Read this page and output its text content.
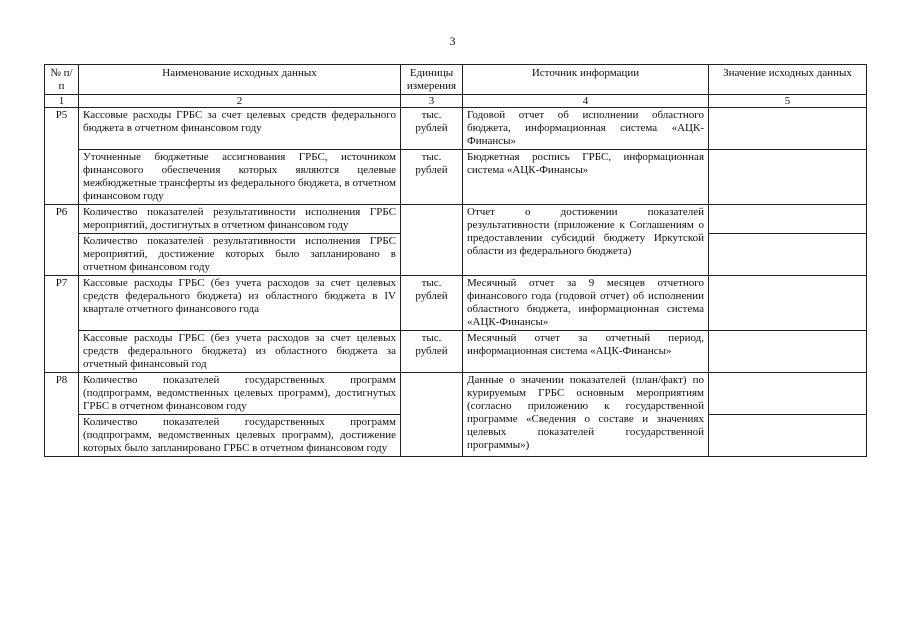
3
№ п/п	Наименование исходных данных	Единицы измерения	Источник информации	Значение исходных данных
1	2	3	4	5
Р5	Кассовые расходы ГРБС за счет целевых средств федерального бюджета в отчетном финансовом году	тыс. рублей	Годовой отчет об исполнении областного бюджета, информационная система «АЦК-Финансы»	
	Уточненные бюджетные ассигнования ГРБС, источником финансового обеспечения которых являются целевые межбюджетные трансферты из федерального бюджета, в отчетном финансовом году	тыс. рублей	Бюджетная роспись ГРБС, информационная система «АЦК-Финансы»	
Р6	Количество показателей результативности исполнения ГРБС мероприятий, достигнутых в отчетном финансовом году		Отчет о достижении показателей результативности (приложение к Соглашениям о предоставлении субсидий бюджету Иркутской области из федерального бюджета)	
	Количество показателей результативности исполнения ГРБС мероприятий, достижение которых было запланировано в отчетном финансовом году			
Р7	Кассовые расходы ГРБС (без учета расходов за счет целевых средств федерального бюджета) из областного бюджета в IV квартале отчетного финансового года	тыс. рублей	Месячный отчет за 9 месяцев отчетного финансового года (годовой отчет) об исполнении областного бюджета, информационная система «АЦК-Финансы»	
	Кассовые расходы ГРБС (без учета расходов за счет целевых средств федерального бюджета) из областного бюджета за отчетный финансовый год	тыс. рублей	Месячный отчет за отчетный период, информационная система «АЦК-Финансы»	
Р8	Количество показателей государственных программ (подпрограмм, ведомственных целевых программ), достигнутых ГРБС в отчетном финансовом году		Данные о значении показателей (план/факт) по курируемым ГРБС основным мероприятиям (согласно приложению к государственной программе «Сведения о составе и значениях целевых показателей государственной программы»)	
	Количество показателей государственных программ (подпрограмм, ведомственных целевых программ), достижение которых было запланировано ГРБС в отчетном финансовом году			
